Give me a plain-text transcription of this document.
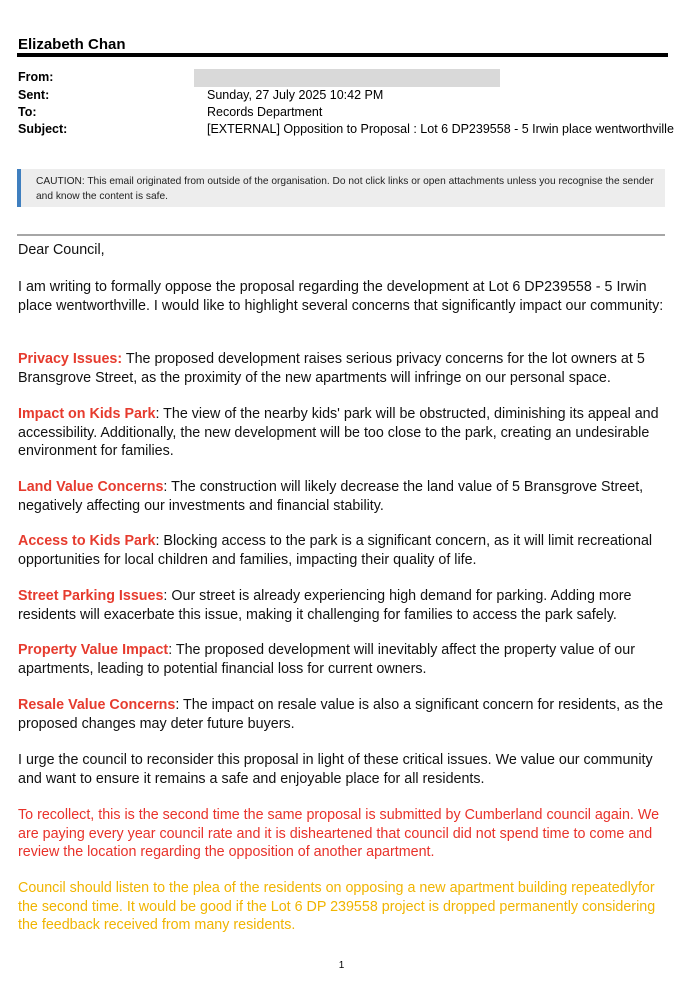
Elizabeth Chan
From:
Sent:	Sunday, 27 July 2025 10:42 PM
To:	Records Department
Subject:	[EXTERNAL] Opposition to Proposal : Lot 6 DP239558 - 5 Irwin place wentworthville
CAUTION: This email originated from outside of the organisation. Do not click links or open attachments unless you recognise the sender and know the content is safe.
Dear Council,
I am writing to formally oppose the proposal regarding the development at Lot 6 DP239558 - 5 Irwin place wentworthville. I would like to highlight several concerns that significantly impact our community:
Privacy Issues: The proposed development raises serious privacy concerns for the lot owners at 5 Bransgrove Street, as the proximity of the new apartments will infringe on our personal space.
Impact on Kids Park: The view of the nearby kids' park will be obstructed, diminishing its appeal and accessibility. Additionally, the new development will be too close to the park, creating an undesirable environment for families.
Land Value Concerns: The construction will likely decrease the land value of 5 Bransgrove Street, negatively affecting our investments and financial stability.
Access to Kids Park: Blocking access to the park is a significant concern, as it will limit recreational opportunities for local children and families, impacting their quality of life.
Street Parking Issues: Our street is already experiencing high demand for parking. Adding more residents will exacerbate this issue, making it challenging for families to access the park safely.
Property Value Impact: The proposed development will inevitably affect the property value of our apartments, leading to potential financial loss for current owners.
Resale Value Concerns: The impact on resale value is also a significant concern for residents, as the proposed changes may deter future buyers.
I urge the council to reconsider this proposal in light of these critical issues. We value our community and want to ensure it remains a safe and enjoyable place for all residents.
To recollect, this is the second time the same proposal is submitted by Cumberland council again. We are paying every year council rate and it is disheartened that council did not spend time to come and review the location regarding the opposition of another apartment.
Council should listen to the plea of the residents on opposing a new apartment building repeatedlyfor the second time. It would be good if the Lot 6 DP 239558 project is dropped permanently considering the feedback received from many residents.
1
